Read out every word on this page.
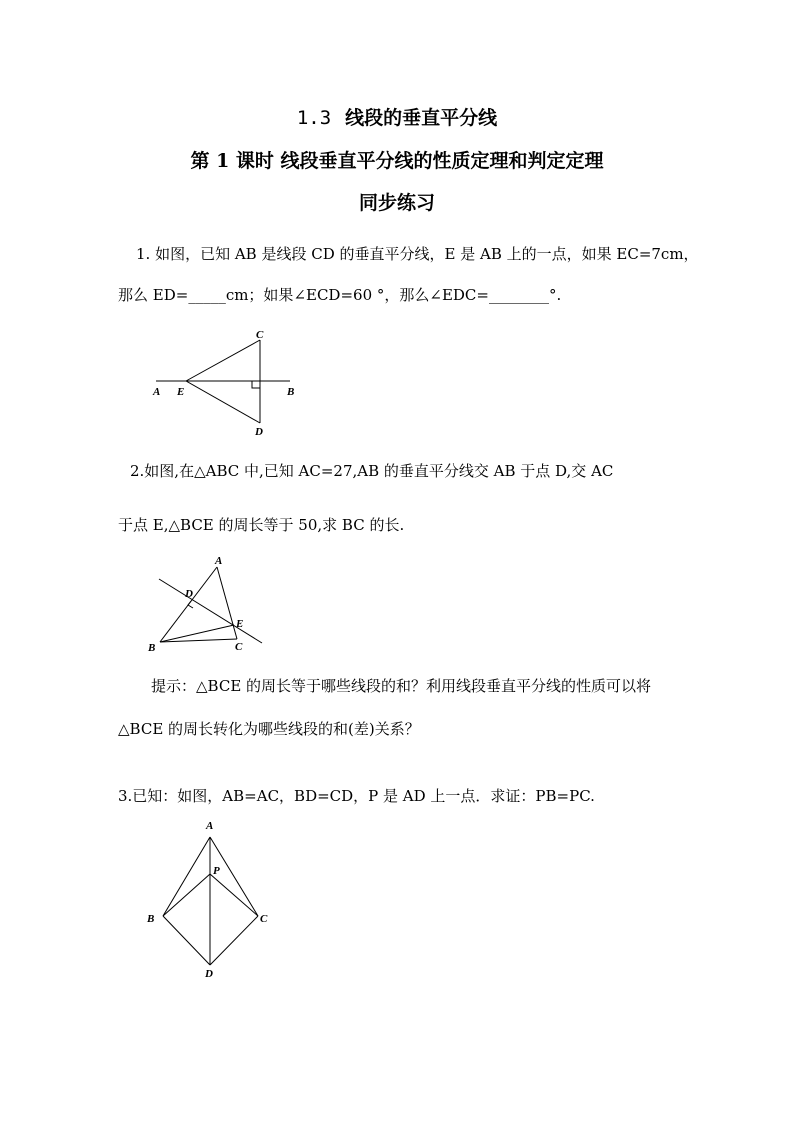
1.3 线段的垂直平分线
第 1 课时 线段垂直平分线的性质定理和判定定理
同步练习

1. 如图，已知 AB 是线段 CD 的垂直平分线，E 是 AB 上的一点，如果 EC=7cm，

那么 ED=_____cm；如果∠ECD=60 °，那么∠EDC=________°.

A E	B
C
D

2.如图,在△ABC 中,已知 AC=27,AB 的垂直平分线交 AB 于点 D,交 AC

于点 E,△BCE 的周长等于 50,求 BC 的长.

A
D
E
B	C

提示：△BCE 的周长等于哪些线段的和？利用线段垂直平分线的性质可以将

△BCE 的周长转化为哪些线段的和(差)关系？

3.已知：如图，AB=AC，BD=CD，P 是 AD 上一点．求证：PB=PC.

A
P
B	C
D
